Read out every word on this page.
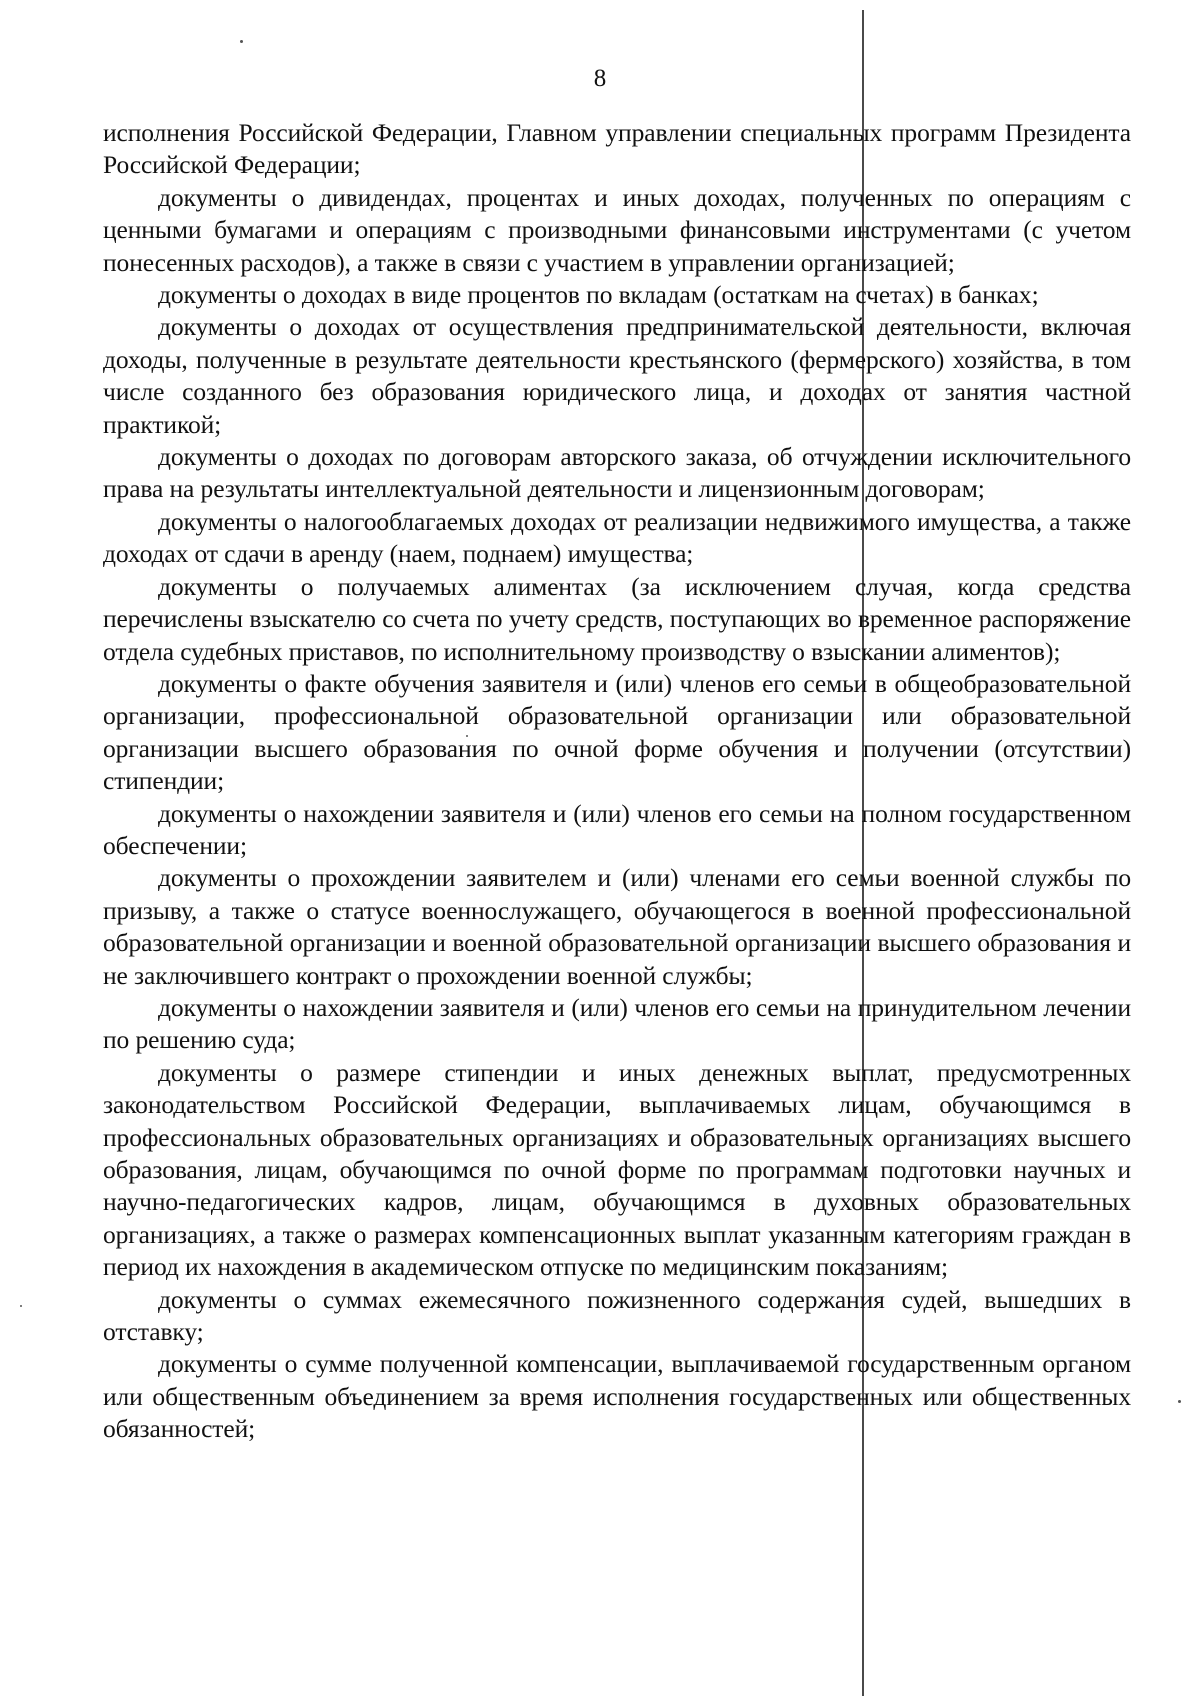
8

исполнения Российской Федерации, Главном управлении специальных программ Президента Российской Федерации;

документы о дивидендах, процентах и иных доходах, полученных по операциям с ценными бумагами и операциям с производными финансовыми инструментами (с учетом понесенных расходов), а также в связи с участием в управлении организацией;

документы о доходах в виде процентов по вкладам (остаткам на счетах) в банках;

документы о доходах от осуществления предпринимательской деятельности, включая доходы, полученные в результате деятельности крестьянского (фермерского) хозяйства, в том числе созданного без образования юридического лица, и доходах от занятия частной практикой;

документы о доходах по договорам авторского заказа, об отчуждении исключительного права на результаты интеллектуальной деятельности и лицензионным договорам;

документы о налогооблагаемых доходах от реализации недвижимого имущества, а также доходах от сдачи в аренду (наем, поднаем) имущества;

документы о получаемых алиментах (за исключением случая, когда средства перечислены взыскателю со счета по учету средств, поступающих во временное распоряжение отдела судебных приставов, по исполнительному производству о взыскании алиментов);

документы о факте обучения заявителя и (или) членов его семьи в общеобразовательной организации, профессиональной образовательной организации или образовательной организации высшего образования по очной форме обучения и получении (отсутствии) стипендии;

документы о нахождении заявителя и (или) членов его семьи на полном государственном обеспечении;

документы о прохождении заявителем и (или) членами его семьи военной службы по призыву, а также о статусе военнослужащего, обучающегося в военной профессиональной образовательной организации и военной образовательной организации высшего образования и не заключившего контракт о прохождении военной службы;

документы о нахождении заявителя и (или) членов его семьи на принудительном лечении по решению суда;

документы о размере стипендии и иных денежных выплат, предусмотренных законодательством Российской Федерации, выплачиваемых лицам, обучающимся в профессиональных образовательных организациях и образовательных организациях высшего образования, лицам, обучающимся по очной форме по программам подготовки научных и научно-педагогических кадров, лицам, обучающимся в духовных образовательных организациях, а также о размерах компенсационных выплат указанным категориям граждан в период их нахождения в академическом отпуске по медицинским показаниям;

документы о суммах ежемесячного пожизненного содержания судей, вышедших в отставку;

документы о сумме полученной компенсации, выплачиваемой государственным органом или общественным объединением за время исполнения государственных или общественных обязанностей;
